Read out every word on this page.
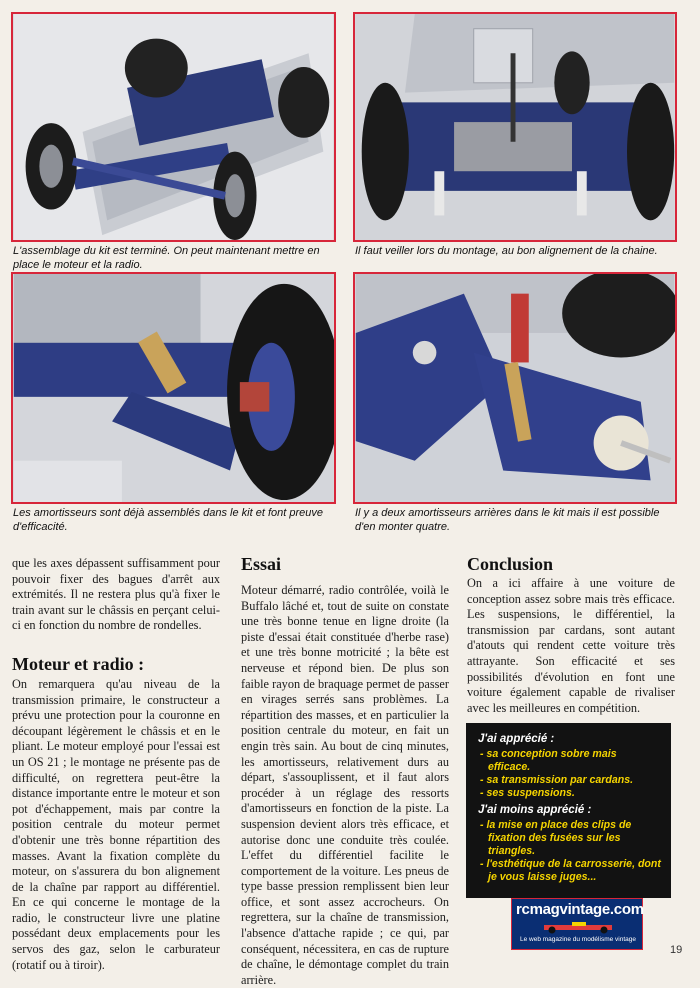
L'assemblage du kit est terminé. On peut maintenant mettre en place le moteur et la radio.
Il faut veiller lors du montage, au bon alignement de la chaine.
Les amortisseurs sont déjà assemblés dans le kit et font preuve d'efficacité.
Il y a deux amortisseurs arrières dans le kit mais il est possible d'en monter quatre.

que les axes dépassent suffisamment pour pouvoir fixer des bagues d'arrêt aux extrémités. Il ne restera plus qu'à fixer le train avant sur le châssis en perçant celui-ci en fonction du nombre de rondelles.

Moteur et radio :

On remarquera qu'au niveau de la transmission primaire, le constructeur a prévu une protection pour la couronne en découpant légèrement le châssis et en le pliant. Le moteur employé pour l'essai est un OS 21 ; le montage ne présente pas de difficulté, on regrettera peut-être la distance importante entre le moteur et son pot d'échappement, mais par contre la position centrale du moteur permet d'obtenir une très bonne répartition des masses. Avant la fixation complète du moteur, on s'assurera du bon alignement de la chaîne par rapport au différentiel. En ce qui concerne le montage de la radio, le constructeur livre une platine possédant deux emplacements pour les servos des gaz, selon le carburateur (rotatif ou à tiroir).

Essai

Moteur démarré, radio contrôlée, voilà le Buffalo lâché et, tout de suite on constate une très bonne tenue en ligne droite (la piste d'essai était constituée d'herbe rase) et une très bonne motricité ; la bête est nerveuse et répond bien. De plus son faible rayon de braquage permet de passer en virages serrés sans problèmes. La répartition des masses, et en particulier la position centrale du moteur, en fait un engin très sain. Au bout de cinq minutes, les amortisseurs, relativement durs au départ, s'assouplissent, et il faut alors procéder à un réglage des ressorts d'amortisseurs en fonction de la piste. La suspension devient alors très efficace, et autorise donc une conduite très coulée. L'effet du différentiel facilite le comportement de la voiture. Les pneus de type basse pression remplissent bien leur office, et sont assez accrocheurs. On regrettera, sur la chaîne de transmission, l'absence d'attache rapide ; ce qui, par conséquent, nécessitera, en cas de rupture de chaîne, le démontage complet du train arrière.

Conclusion

On a ici affaire à une voiture de conception assez sobre mais très efficace. Les suspensions, le différentiel, la transmission par cardans, sont autant d'atouts qui rendent cette voiture très attrayante. Son efficacité et ses possibilités d'évolution en font une voiture également capable de rivaliser avec les meilleures en compétition.

J'ai apprécié :
- sa conception sobre mais efficace.
- sa transmission par cardans.
- ses suspensions.
J'ai moins apprécié :
- la mise en place des clips de fixation des fusées sur les triangles.
- l'esthétique de la carrosserie, dont je vous laisse juges...
rcmagvintage.com
Le web magazine du modélisme vintage
19
